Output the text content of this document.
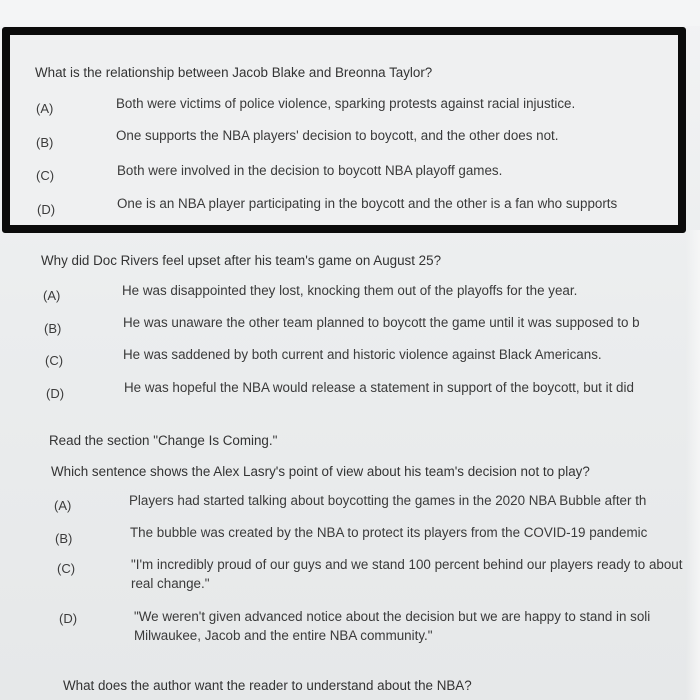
What is the relationship between Jacob Blake and Breonna Taylor?
(A)	Both were victims of police violence, sparking protests against racial injustice.
(B)	One supports the NBA players' decision to boycott, and the other does not.
(C)	Both were involved in the decision to boycott NBA playoff games.
(D)	One is an NBA player participating in the boycott and the other is a fan who supports
Why did Doc Rivers feel upset after his team's game on August 25?
(A)	He was disappointed they lost, knocking them out of the playoffs for the year.
(B)	He was unaware the other team planned to boycott the game until it was supposed to b
(C)	He was saddened by both current and historic violence against Black Americans.
(D)	He was hopeful the NBA would release a statement in support of the boycott, but it did
Read the section "Change Is Coming."
Which sentence shows the Alex Lasry's point of view about his team's decision not to play?
(A)	Players had started talking about boycotting the games in the 2020 NBA Bubble after th
(B)	The bubble was created by the NBA to protect its players from the COVID-19 pandemic
(C)	"I'm incredibly proud of our guys and we stand 100 percent behind our players ready to about real change."
(D)	"We weren't given advanced notice about the decision but we are happy to stand in soli Milwaukee, Jacob and the entire NBA community."
What does the author want the reader to understand about the NBA?
